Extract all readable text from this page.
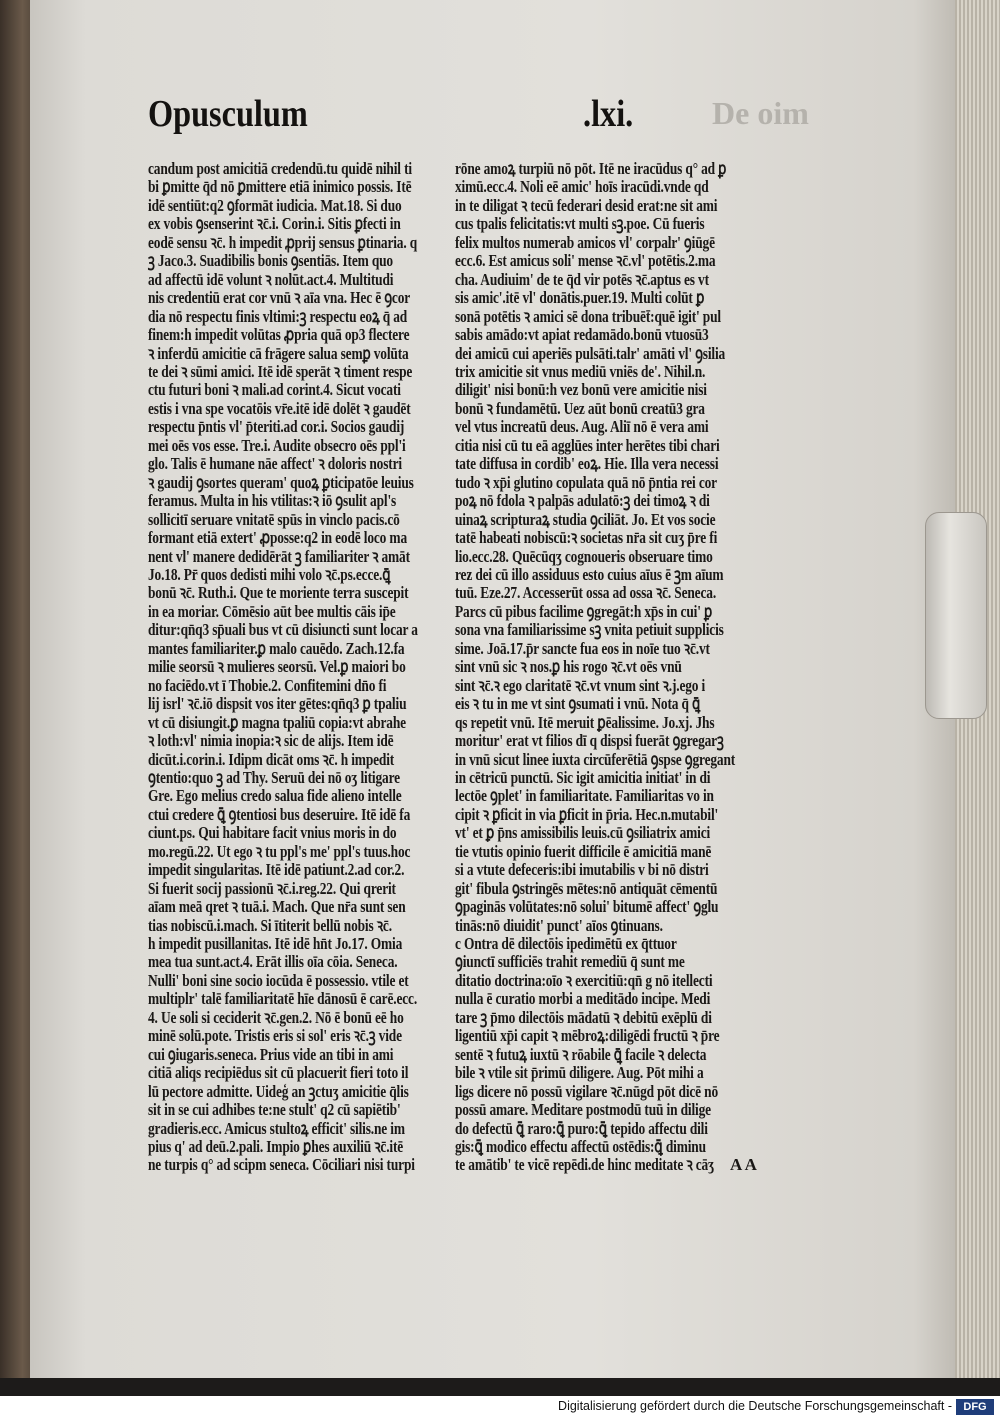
Opusculum	.lxi. De oim
candum post amicitiā credendū.tu quidē nihil ti
bi ꝑmitte q̄d nō ꝑmittere etiā inimico possis. Itē
idē sentiūt:q2 ꝯformāt iudicia. Mat.18. Si duo
ex vobis ꝯsenserint ꝛc̄.i. Corin.i. Sitis ꝑfecti in
eodē sensu ꝛc̄. h impedit ꝓprij sensus ꝑtinaria. q
ꝫ Jaco.3. Suadibilis bonis ꝯsentiās. Item quo
ad affectū idē volunt ꝛ nolūt.act.4. Multitudi
nis credentiū erat cor vnū ꝛ aīa vna. Hec ē ꝯcor
dia nō respectu finis vltimi:ꝫ respectu eoꝝ q̄ ad
finem:h impedit volūtas ꝓpria quā op3 flectere
ꝛ inferdū amicitie cā frāgere salua semꝑ volūta
te dei ꝛ sūmi amici. Itē idē sperāt ꝛ timent respe
ctu futuri boni ꝛ mali.ad corint.4. Sicut vocati
estis i vna spe vocatōis vr̄e.itē idē dolēt ꝛ gaudēt
respectu p̄ntis vl' p̄teriti.ad cor.i. Socios gaudij
mei oēs vos esse. Tre.i. Audite obsecro oēs ppl'i
glo. Talis ē humane nāe affect' ꝛ doloris nostri
ꝛ gaudij ꝯsortes queram' quoꝝ ꝑticipatōe leuius
feramus. Multa in his vtilitas:ꝛ iō ꝯsulit apl's
sollicitī seruare vnitatē spūs in vinclo pacis.cō
formant etiā extert' ꝓposse:q2 in eodē loco ma
nent vl' manere dedidērāt ꝫ familiariter ꝛ amāt
Jo.18. Pr̄ quos dedisti mihi volo ꝛc̄.ps.ecce.ꝗ̄
bonū ꝛc̄. Ruth.i. Que te moriente terra suscepit
in ea moriar. Cōmēsio aūt bee multis cāis ip̄e
ditur:qn̄q3 sp̄uali bus vt cū disiuncti sunt locar a
mantes familiariter.ꝑ malo cauēdo. Zach.12.fa
milie seorsū ꝛ mulieres seorsū. Vel.ꝑ maiori bo
no faciēdo.vt ī Thobie.2. Confitemini dn̄o fi
lij isrl' ꝛc̄.iō dispsit vos iter gētes:qn̄q3 ꝑ tpaliu
vt cū disiungit.ꝑ magna tpaliū copia:vt abrahe
ꝛ loth:vl' nimia inopia:ꝛ sic de alijs. Item idē
dicūt.i.corin.i. Idipm dicāt oms ꝛc̄. h impedit
ꝯtentio:quo ꝫ ad Thy. Seruū dei nō oʒ litigare
Gre. Ego melius credo salua fide alieno intelle
ctui credere ꝗ̄ ꝯtentiosi bus deseruire. Itē idē fa
ciunt.ps. Qui habitare facit vnius moris in do
mo.regū.22. Ut ego ꝛ tu ppl's me' ppl's tuus.hoc
impedit singularitas. Itē idē patiunt.2.ad cor.2.
Si fuerit socij passionū ꝛc̄.i.reg.22. Qui qrerit
aīam meā qret ꝛ tuā.i. Mach. Que nr̄a sunt sen
tias nobiscū.i.mach. Si ītiterit bellū nobis ꝛc̄.
h impedit pusillanitas. Itē idē hn̄t Jo.17. Omia
mea tua sunt.act.4. Erāt illis oīa cōia. Seneca.
Nulli' boni sine socio iocūda ē possessio. vtile et
multiplr' talē familiaritatē hīe dānosū ē carē.ecc.
4. Ue soli si ceciderit ꝛc̄.gen.2. Nō ē bonū eē ho
minē solū.pote. Tristis eris si sol' eris ꝛc̄.ꝫ vide
cui ꝯiugaris.seneca. Prius vide an tibi in ami
citiā aliqs recipiēdus sit cū placuerit fieri toto il
lū pectore admitte. Uideģ an ꝫctuʒ amicitie q̄lis
sit in se cui adhibes te:ne stult' q2 cū sapiētib'
gradieris.ecc. Amicus stultoꝝ efficit' silis.ne im
pius q' ad deū.2.pali. Impio ꝑhes auxiliū ꝛc̄.itē
ne turpis q° ad scipm seneca. Cōciliari nisi turpi
rōne amoꝝ turpiū nō pōt. Itē ne iracūdus q° ad ꝑ
ximū.ecc.4. Noli eē amic' hoīs iracūdi.vnde qd
in te diligat ꝛ tecū federari desid erat:ne sit ami
cus tpalis felicitatis:vt multi sꝫ.poe. Cū fueris
felix multos numerab amicos vl' corpalr' ꝯiūgē
ecc.6. Est amicus soli' mense ꝛc̄.vl' potētis.2.ma
cha. Audiuim' de te q̄d vir potēs ꝛc̄.aptus es vt
sis amic'.itē vl' donātis.puer.19. Multi colūt ꝑ
sonā potētis ꝛ amici sē dona tribuēt̄:quē igit' pul
sabis amādo:vt apiat redamādo.bonū vtuosū3
dei amicū cui aperiēs pulsāti.talr' amāti vl' ꝯsilia
trix amicitie sit vnus mediū vniēs de'. Nihil.n.
diligit' nisi bonū:h vez bonū vere amicitie nisi
bonū ꝛ fundamētū. Uez aūt bonū creatū3 gra
vel vtus increatū deus. Aug. Aliī nō ē vera ami
citia nisi cū tu eā agglūes inter herētes tibi chari
tate diffusa in cordib' eoꝝ. Hie. Illa vera necessi
tudo ꝛ xp̄i glutino copulata quā nō p̄ntia rei cor
poꝝ nō fdola ꝛ palpās adulatō:ꝫ dei timoꝝ ꝛ di
uinaꝝ scripturaꝝ studia ꝯciliāt. Jo. Et vos socie
tatē habeati nobiscū:ꝛ societas nr̄a sit cuʒ p̄re fi
lio.ecc.28. Quēcūqʒ cognoueris obseruare timo
rez dei cū illo assiduus esto cuius aīus ē ꝫm aīum
tuū. Eze.27. Accesserūt ossa ad ossa ꝛc̄. Seneca.
Parcs cū pibus facilime ꝯgregāt:h xp̄s in cui' ꝑ
sona vna familiarissime sꝫ vnita petiuit supplicis
sime. Joā.17.p̄r sancte fua eos in noīe tuo ꝛc̄.vt
sint vnū sic ꝛ nos.ꝑ his rogo ꝛc̄.vt oēs vnū
sint ꝛc̄.ꝛ ego claritatē ꝛc̄.vt vnum sint ꝛ.j.ego i
eis ꝛ tu in me vt sint ꝯsumati i vnū. Nota q̄ ꝗ̄
qs repetit vnū. Itē meruit ꝑēalissime. Jo.xj. Jhs
moritur' erat vt filios dī q dispsi fuerāt ꝯgregarꝫ
in vnū sicut linee iuxta circūferētiā ꝯspse ꝯgregant
in cētricū punctū. Sic igit amicitia initiat' in di
lectōe ꝯplet' in familiaritate. Familiaritas vo in
cipit ꝛ ꝑficit in via ꝑficit in p̄ria. Hec.n.mutabil'
vt' et ꝑ p̄ns amissibilis leuis.cū ꝯsiliatrix amici
tie vtutis opinio fuerit difficile ē amicitiā manē
si a vtute defeceris:ibi imutabilis v bi nō distri
git' fibula ꝯstringēs mētes:nō antiquāt cēmentū
ꝯpaginās volūtates:nō solui' bitumē affect' ꝯglu
tinās:nō diuidit' punct' aīos ꝯtinuans.
c Ontra dē dilectōis ipedimētū ex q̄ttuor
ꝯiunctī sufficiēs trahit remediū q̄ sunt me
ditatio doctrina:oīo ꝛ exercitiū:qn̄ g nō itellecti
nulla ē curatio morbi a meditādo incipe. Medi
tare ꝫ p̄mo dilectōis mādatū ꝛ debitū exēplū di
ligentiū xp̄i capit ꝛ mēbroꝝ:diligēdi fructū ꝛ p̄re
sentē ꝛ futuꝝ iuxtū ꝛ rōabile ꝗ̄ facile ꝛ delecta
bile ꝛ vtile sit p̄rimū diligere. Aug. Pōt mihi a
ligs dicere nō possū vigilare ꝛc̄.nūgd pōt dicē nō
possū amare. Meditare postmodū tuū in dilige
do defectū ꝗ̄ raro:ꝗ̄ puro:ꝗ̄ tepido affectu dili
gis:ꝗ̄ modico effectu affectū ostēdis:ꝗ̄ diminu
te amātib' te vicē repēdi.de hinc meditate ꝛ cāʒ A A
Digitalisierung gefördert durch die Deutsche Forschungsgemeinschaft -	DFG
